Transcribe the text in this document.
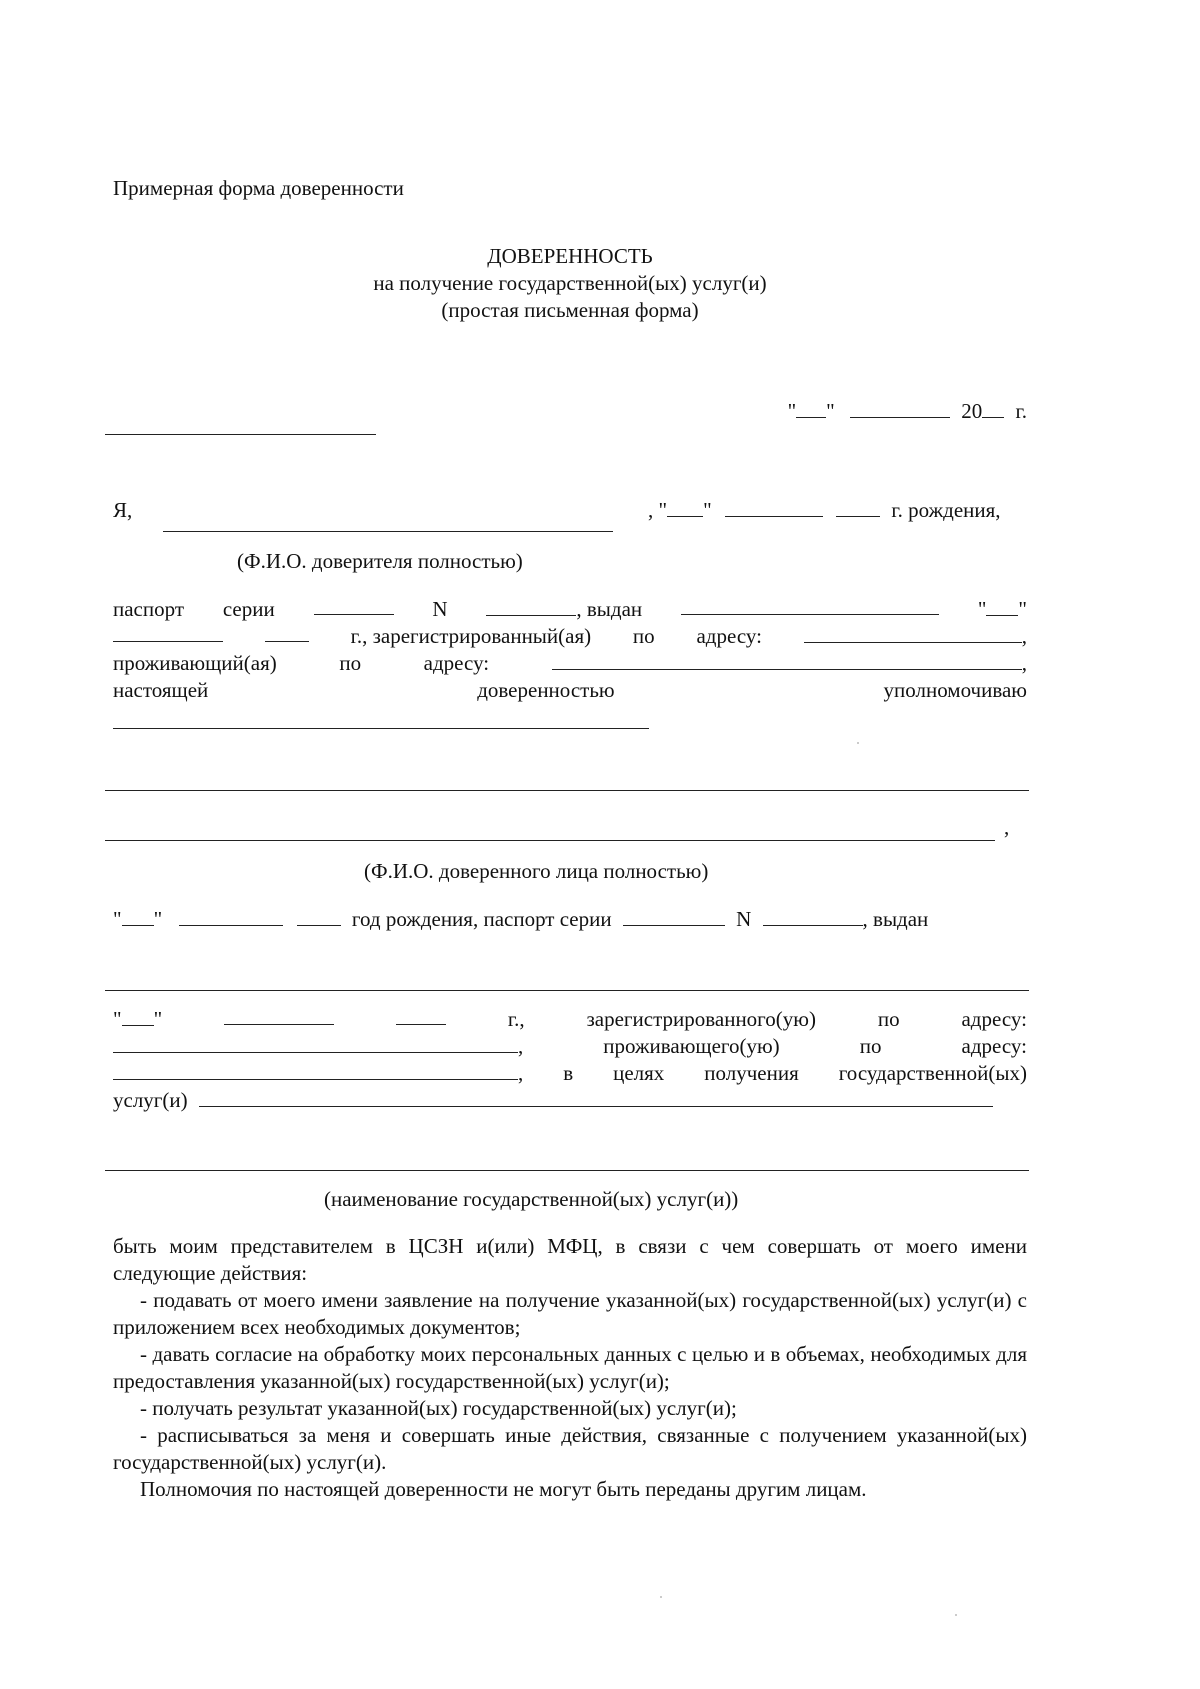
Примерная форма доверенности
ДОВЕРЕННОСТЬ
на получение государственной(ых) услуг(и)
(простая письменная форма)
" "	20 г.
Я,	, " "	г. рождения,
(Ф.И.О. доверителя полностью)
паспорт серии	N	, выдан	" "
г., зарегистрированный(ая) по адресу:	,
проживающий(ая)	по	адресу:	,
настоящей	доверенностью	уполномочиваю
,
(Ф.И.О. доверенного лица полностью)
" "	год рождения, паспорт серии	N	, выдан
" "	г.,	зарегистрированного(ую)	по	адресу:
,	проживающего(ую)	по	адресу:
, в целях получения государственной(ых)
услуг(и)
(наименование государственной(ых) услуг(и))
быть моим представителем в ЦСЗН и(или) МФЦ, в связи с чем совершать от моего имени следующие действия:
- подавать от моего имени заявление на получение указанной(ых) государственной(ых) услуг(и) с приложением всех необходимых документов;
- давать согласие на обработку моих персональных данных с целью и в объемах, необходимых для предоставления указанной(ых) государственной(ых) услуг(и);
- получать результат указанной(ых) государственной(ых) услуг(и);
- расписываться за меня и совершать иные действия, связанные с получением указанной(ых) государственной(ых) услуг(и).
Полномочия по настоящей доверенности не могут быть переданы другим лицам.
